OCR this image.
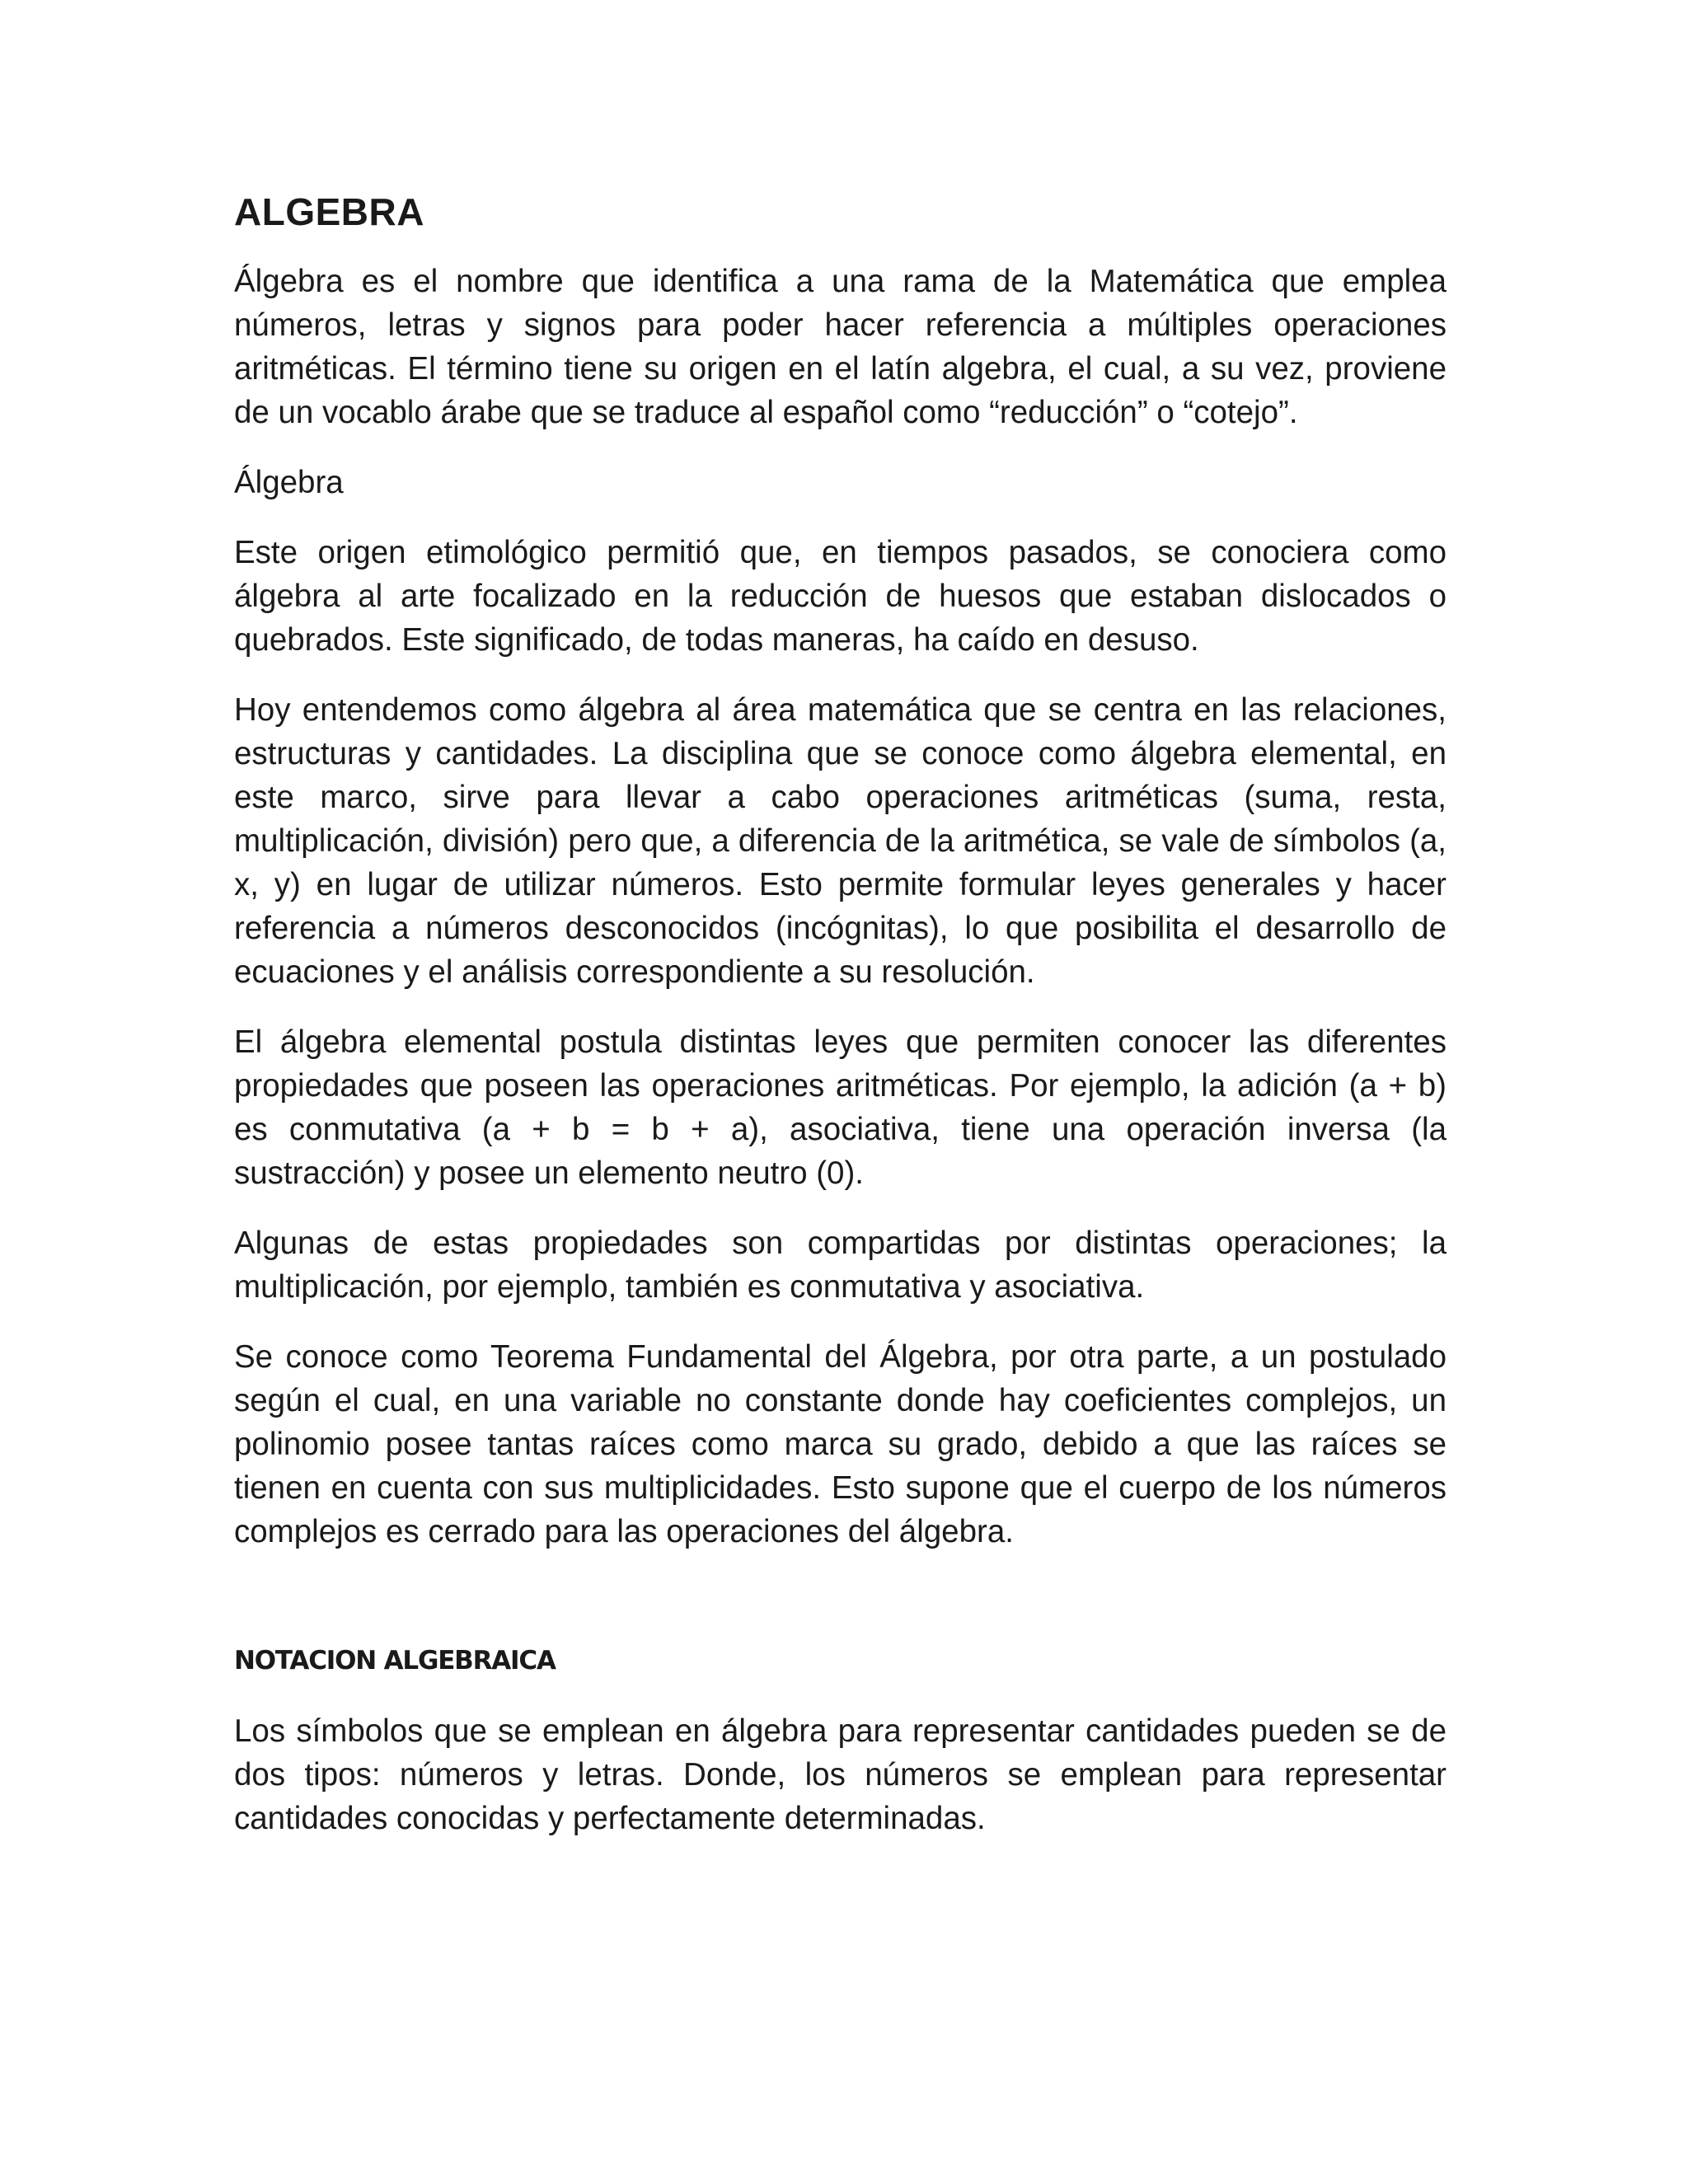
ALGEBRA

Álgebra es el nombre que identifica a una rama de la Matemática que emplea números, letras y signos para poder hacer referencia a múltiples operaciones aritméticas. El término tiene su origen en el latín algebra, el cual, a su vez, proviene de un vocablo árabe que se traduce al español como “reducción” o “cotejo”.

Álgebra

Este origen etimológico permitió que, en tiempos pasados, se conociera como álgebra al arte focalizado en la reducción de huesos que estaban dislocados o quebrados. Este significado, de todas maneras, ha caído en desuso.

Hoy entendemos como álgebra al área matemática que se centra en las relaciones, estructuras y cantidades. La disciplina que se conoce como álgebra elemental, en este marco, sirve para llevar a cabo operaciones aritméticas (suma, resta, multiplicación, división) pero que, a diferencia de la aritmética, se vale de símbolos (a, x, y) en lugar de utilizar números. Esto permite formular leyes generales y hacer referencia a números desconocidos (incógnitas), lo que posibilita el desarrollo de ecuaciones y el análisis correspondiente a su resolución.

El álgebra elemental postula distintas leyes que permiten conocer las diferentes propiedades que poseen las operaciones aritméticas. Por ejemplo, la adición (a + b) es conmutativa (a + b = b + a), asociativa, tiene una operación inversa (la sustracción) y posee un elemento neutro (0).

Algunas de estas propiedades son compartidas por distintas operaciones; la multiplicación, por ejemplo, también es conmutativa y asociativa.

Se conoce como Teorema Fundamental del Álgebra, por otra parte, a un postulado según el cual, en una variable no constante donde hay coeficientes complejos, un polinomio posee tantas raíces como marca su grado, debido a que las raíces se tienen en cuenta con sus multiplicidades. Esto supone que el cuerpo de los números complejos es cerrado para las operaciones del álgebra.

NOTACION ALGEBRAICA

Los símbolos que se emplean en álgebra para representar cantidades pueden se de dos tipos: números y letras. Donde, los números se emplean para representar cantidades conocidas y perfectamente determinadas.
